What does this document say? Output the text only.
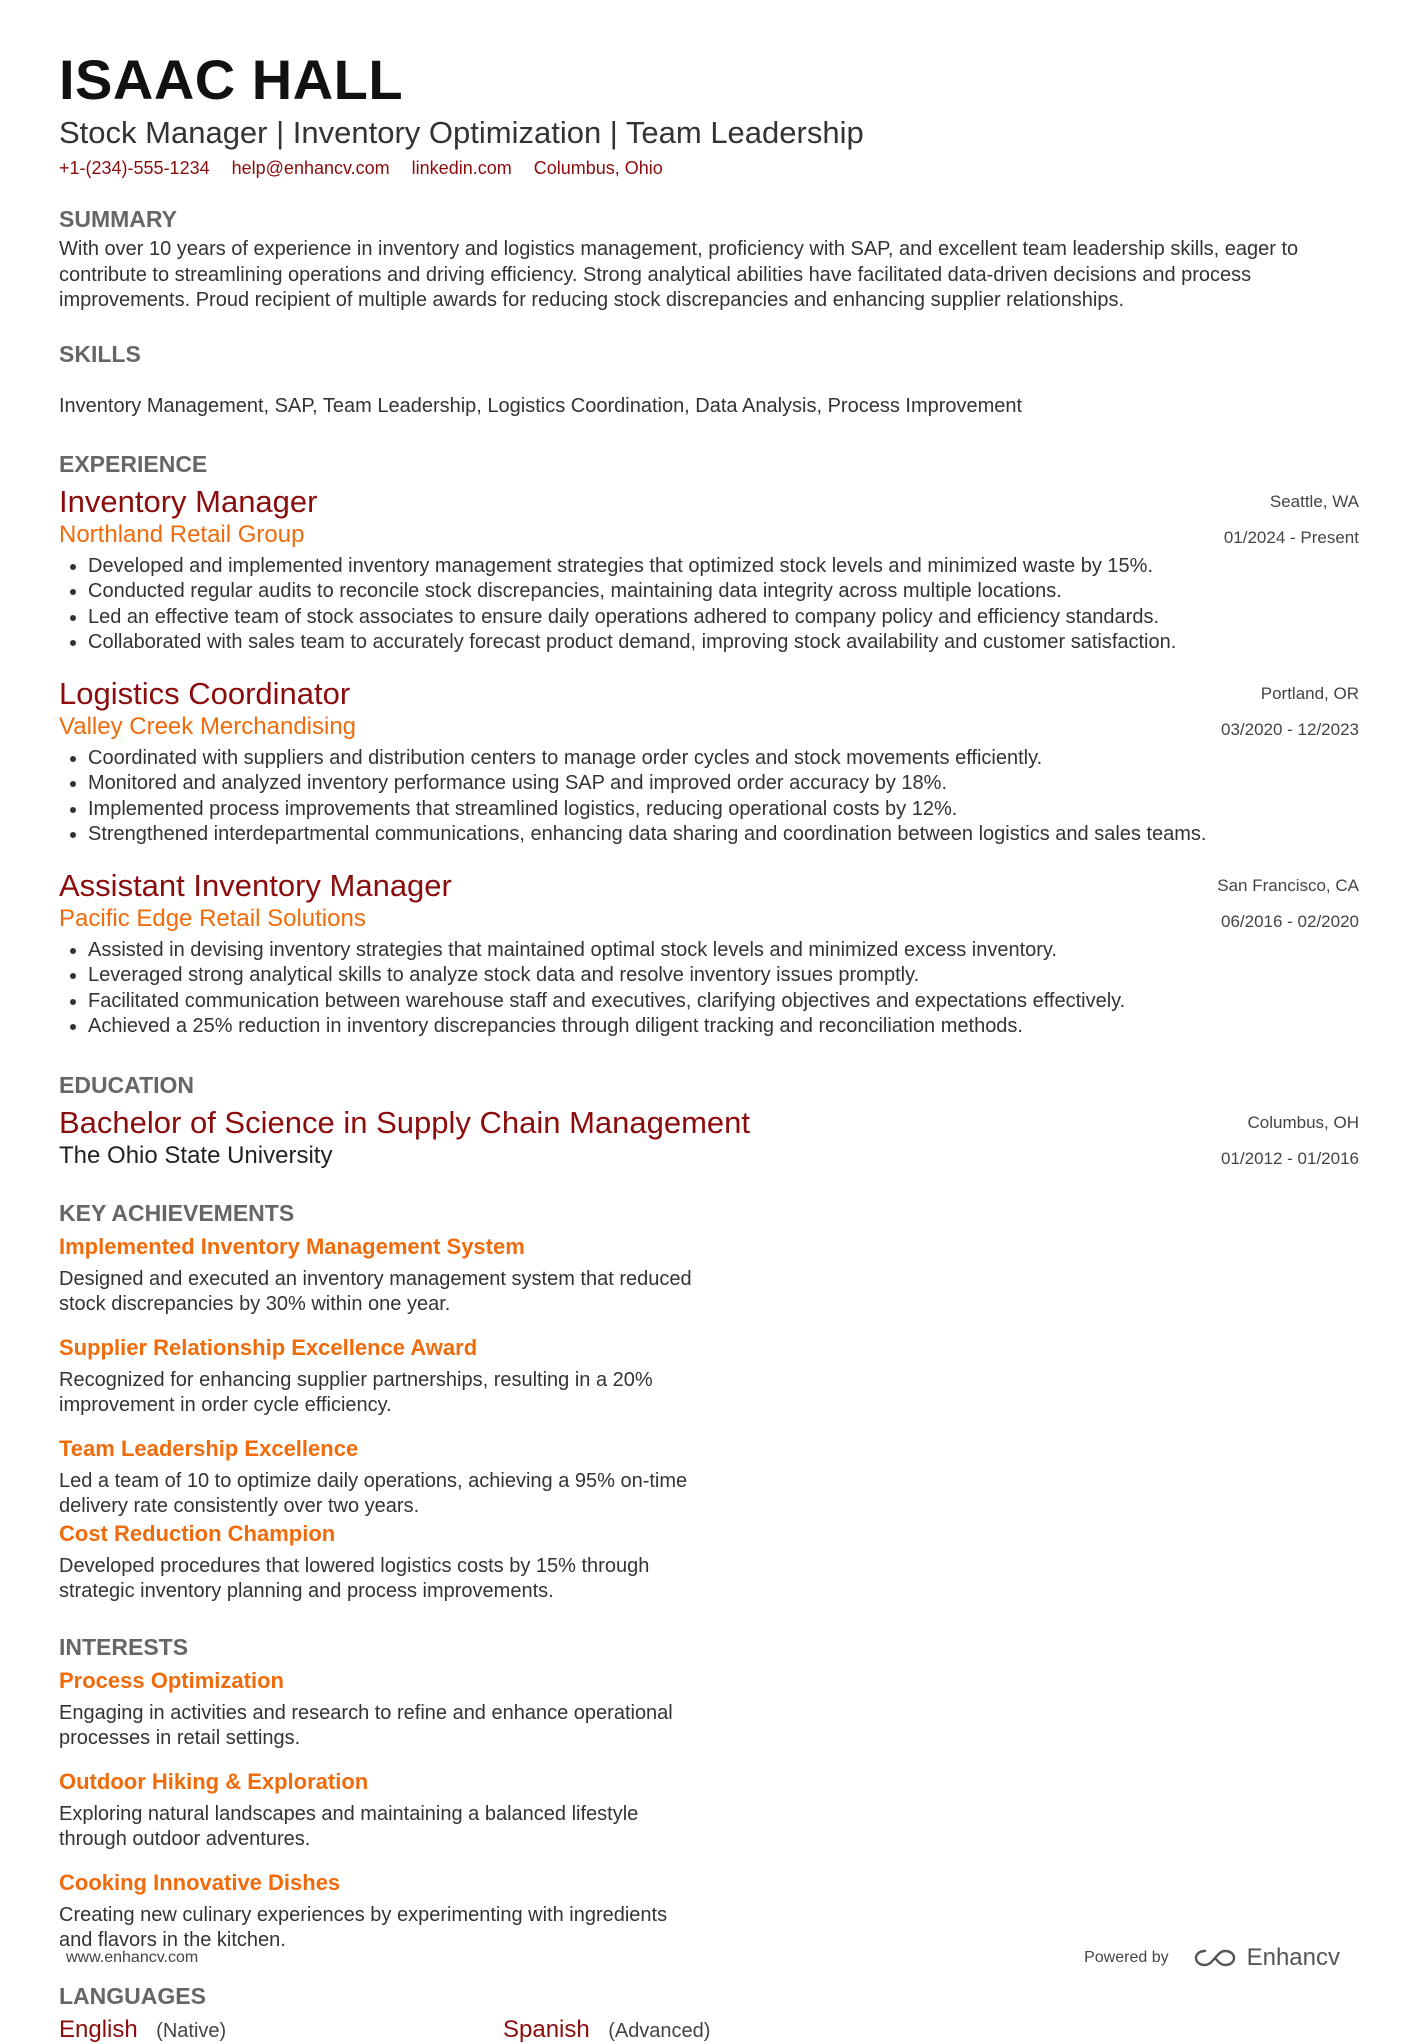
ISAAC HALL
Stock Manager | Inventory Optimization | Team Leadership
+1-(234)-555-1234 help@enhancv.com linkedin.com Columbus, Ohio
SUMMARY

With over 10 years of experience in inventory and logistics management, proficiency with SAP, and excellent team leadership skills, eager to contribute to streamlining operations and driving efficiency. Strong analytical abilities have facilitated data-driven decisions and process improvements. Proud recipient of multiple awards for reducing stock discrepancies and enhancing supplier relationships.

SKILLS
Inventory Management, SAP, Team Leadership, Logistics Coordination, Data Analysis, Process Improvement
EXPERIENCE
Inventory Manager
Northland Retail Group
Seattle, WA
01/2024 - Present
• Developed and implemented inventory management strategies that optimized stock levels and minimized waste by 15%.
• Conducted regular audits to reconcile stock discrepancies, maintaining data integrity across multiple locations.
• Led an effective team of stock associates to ensure daily operations adhered to company policy and efficiency standards.
• Collaborated with sales team to accurately forecast product demand, improving stock availability and customer satisfaction.
Logistics Coordinator
Valley Creek Merchandising
Portland, OR
03/2020 - 12/2023
• Coordinated with suppliers and distribution centers to manage order cycles and stock movements efficiently.
• Monitored and analyzed inventory performance using SAP and improved order accuracy by 18%.
• Implemented process improvements that streamlined logistics, reducing operational costs by 12%.
• Strengthened interdepartmental communications, enhancing data sharing and coordination between logistics and sales teams.
Assistant Inventory Manager
Pacific Edge Retail Solutions
San Francisco, CA
06/2016 - 02/2020
• Assisted in devising inventory strategies that maintained optimal stock levels and minimized excess inventory.
• Leveraged strong analytical skills to analyze stock data and resolve inventory issues promptly.
• Facilitated communication between warehouse staff and executives, clarifying objectives and expectations effectively.
• Achieved a 25% reduction in inventory discrepancies through diligent tracking and reconciliation methods.
EDUCATION
Bachelor of Science in Supply Chain Management
The Ohio State University
Columbus, OH
01/2012 - 01/2016
KEY ACHIEVEMENTS
Implemented Inventory Management System
Designed and executed an inventory management system that reduced stock discrepancies by 30% within one year.
Supplier Relationship Excellence Award
Recognized for enhancing supplier partnerships, resulting in a 20% improvement in order cycle efficiency.
Team Leadership Excellence
Led a team of 10 to optimize daily operations, achieving a 95% on-time delivery rate consistently over two years.
Cost Reduction Champion
Developed procedures that lowered logistics costs by 15% through strategic inventory planning and process improvements.
INTERESTS
Process Optimization
Engaging in activities and research to refine and enhance operational processes in retail settings.
Outdoor Hiking & Exploration
Exploring natural landscapes and maintaining a balanced lifestyle through outdoor adventures.
Cooking Innovative Dishes
Creating new culinary experiences by experimenting with ingredients and flavors in the kitchen.
LANGUAGES
English (Native)	Spanish (Advanced)
www.enhancv.com	Powered by	Enhancv
